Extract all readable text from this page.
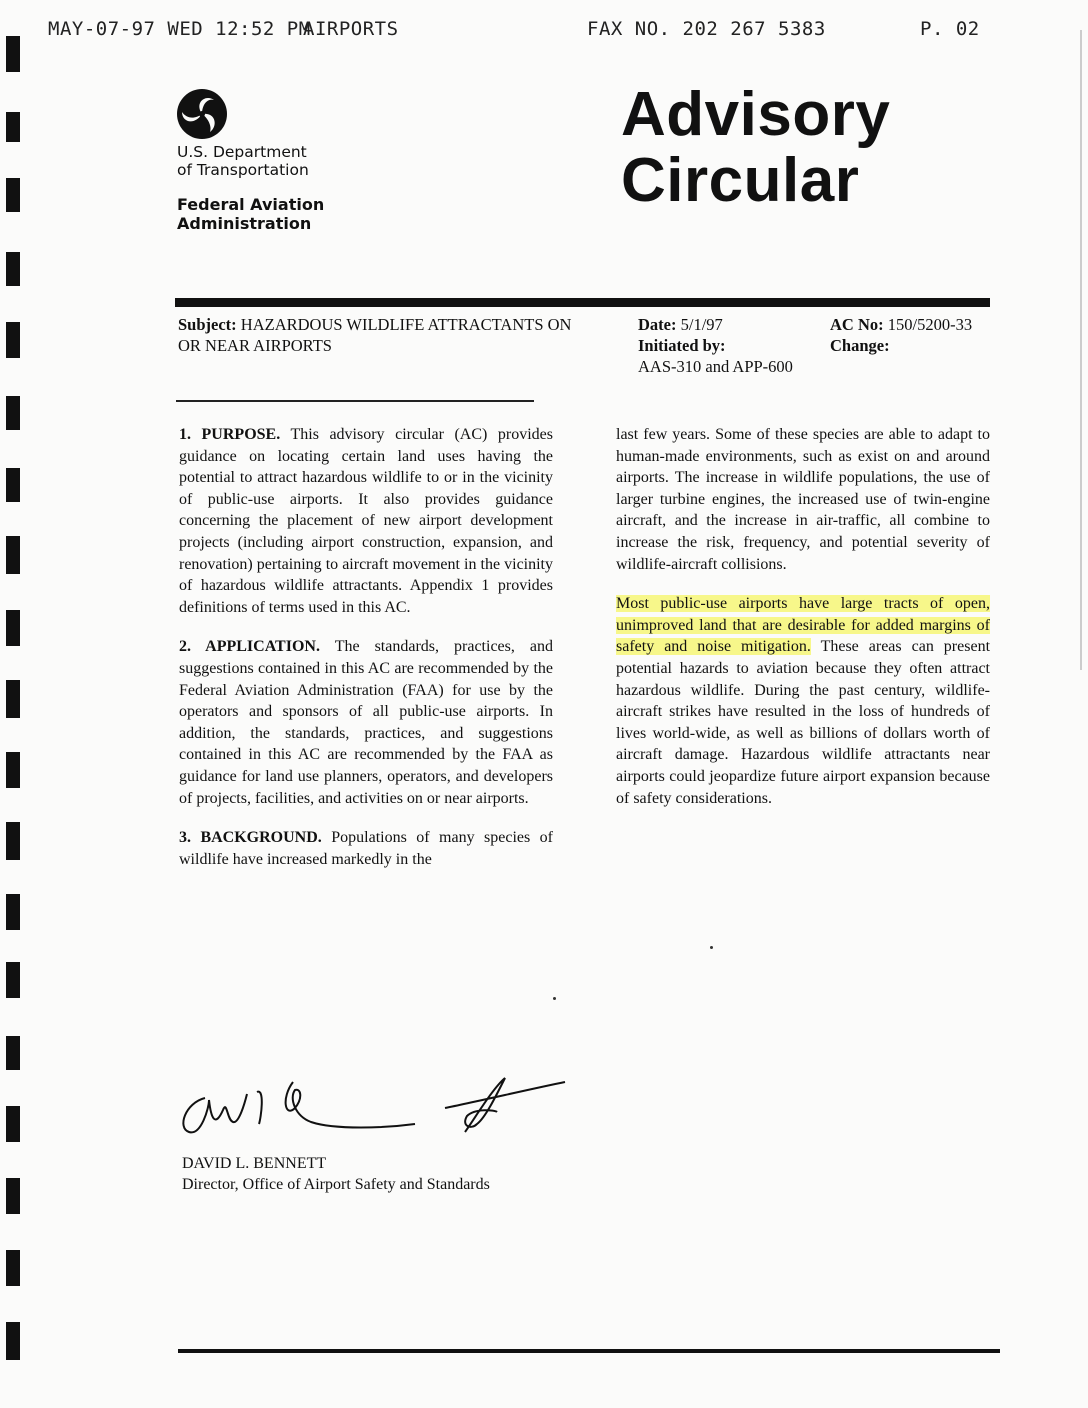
MAY-07-97 WED 12:52 PM
AIRPORTS	FAX NO. 202 267 5383	P. 02
U.S. Department
of Transportation
Federal Aviation
Administration
Advisory
Circular
Subject: HAZARDOUS WILDLIFE ATTRACTANTS ON
OR NEAR AIRPORTS
Date: 5/1/97
Initiated by:
AAS-310 and APP-600
AC No: 150/5200-33
Change:

1. PURPOSE. This advisory circular (AC) provides guidance on locating certain land uses having the potential to attract hazardous wildlife to or in the vicinity of public-use airports. It also provides guidance concerning the placement of new airport development projects (including airport construction, expansion, and renovation) pertaining to aircraft movement in the vicinity of hazardous wildlife attractants. Appendix 1 provides definitions of terms used in this AC.

2. APPLICATION. The standards, practices, and suggestions contained in this AC are recommended by the Federal Aviation Administration (FAA) for use by the operators and sponsors of all public-use airports. In addition, the standards, practices, and suggestions contained in this AC are recommended by the FAA as guidance for land use planners, operators, and developers of projects, facilities, and activities on or near airports.

3. BACKGROUND. Populations of many species of wildlife have increased markedly in the

last few years. Some of these species are able to adapt to human-made environments, such as exist on and around airports. The increase in wildlife populations, the use of larger turbine engines, the increased use of twin-engine aircraft, and the increase in air-traffic, all combine to increase the risk, frequency, and potential severity of wildlife-aircraft collisions.

Most public-use airports have large tracts of open, unimproved land that are desirable for added margins of safety and noise mitigation. These areas can present potential hazards to aviation because they often attract hazardous wildlife. During the past century, wildlife-aircraft strikes have resulted in the loss of hundreds of lives world-wide, as well as billions of dollars worth of aircraft damage. Hazardous wildlife attractants near airports could jeopardize future airport expansion because of safety considerations.

DAVID L. BENNETT
Director, Office of Airport Safety and Standards
